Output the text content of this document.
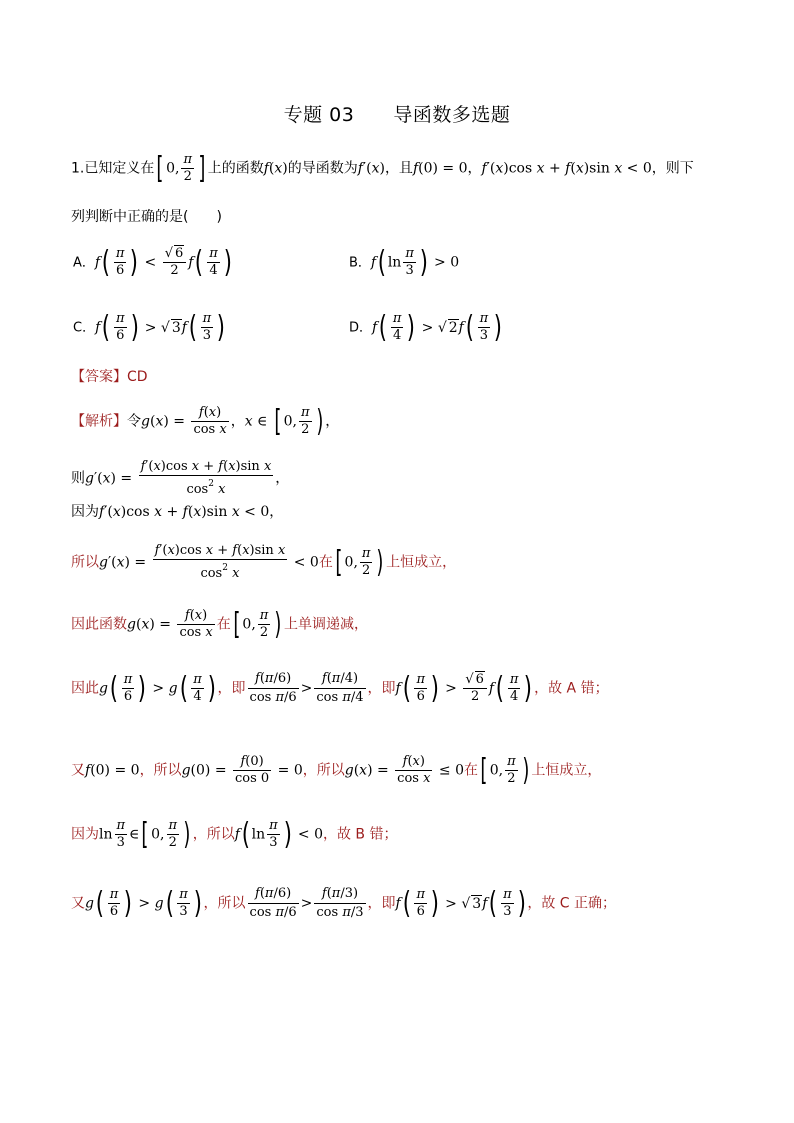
专题 03　　导函数多选题
1.已知定义在[ 0, $\frac{\pi}{2}$ ] 上的函数f(x)的导函数为f′(x)，且f(0) = 0，f′(x)cos x + f(x)sin x < 0，则下
列判断中正确的是(　　)
A．$f( \frac{\pi}{6}$ ) < $\frac{√ 6}{2} f( \frac{\pi}{4}$ )	B．f( $\ln \frac{\pi}{3}$ ) > 0
C．$f( \frac{\pi}{6}$ ) > √ $3f( \frac{\pi}{3}$ )	D．$f( \frac{\pi}{4}$ ) > √ $2f( \frac{\pi}{3}$ )
【答案】CD
【解析】令$g(x) = \frac{f(x)}{\text{cos x}}$ ，x ∈ [ 0, $\frac{\pi}{2}$ ) ，
则$g'(x) = \frac{\text{f′(x)cos x + f(x)sin x}}{\cos^2 x}$ ，
因为f′(x)cos x + f(x)sin x < 0，
所以$g'(x) = \frac{\text{f′(x)cos x + f(x)sin x}}{\cos^2 x} < 0$在[ 0, $\frac{\pi}{2}$ ) 上恒成立，
因此函数$g(x) = \frac{f(x)}{\text{cos x}}$ 在[ 0, $\frac{\pi}{2}$ ) 上单调递减，
因此$g( \frac{\pi}{6}$ ) > $g( \frac{\pi}{4}$ ) ，即 $\frac{f(\pi/6)}{\text{cos π/6}} > \frac{f(\pi/4)}{\text{cos π/4}}$ ，即$f( \frac{\pi}{6}$ ) > $\frac{√ 6}{2} f( \frac{\pi}{4}$ ) ，故 A 错；
又f(0) = 0，所以$g(0) = \frac{f(0)}{\cos 0} = 0$，所以$g(x) = \frac{f(x)}{\text{cos x}} \le 0$在[ 0, $\frac{\pi}{2}$ ) 上恒成立，
因为$\ln \frac{\pi}{3}$ ∈[ 0, $\frac{\pi}{2}$ ) ，所以f( $\ln \frac{\pi}{3}$ ) < 0，故 B 错；
又$g( \frac{\pi}{6}$ ) > $g( \frac{\pi}{3}$ ) ，所以 $\frac{f(\pi/6)}{\text{cos π/6}} > \frac{f(\pi/3)}{\text{cos π/3}}$ ，即$f( \frac{\pi}{6}$ ) > √ $3f( \frac{\pi}{3}$ ) ，故 C 正确；
